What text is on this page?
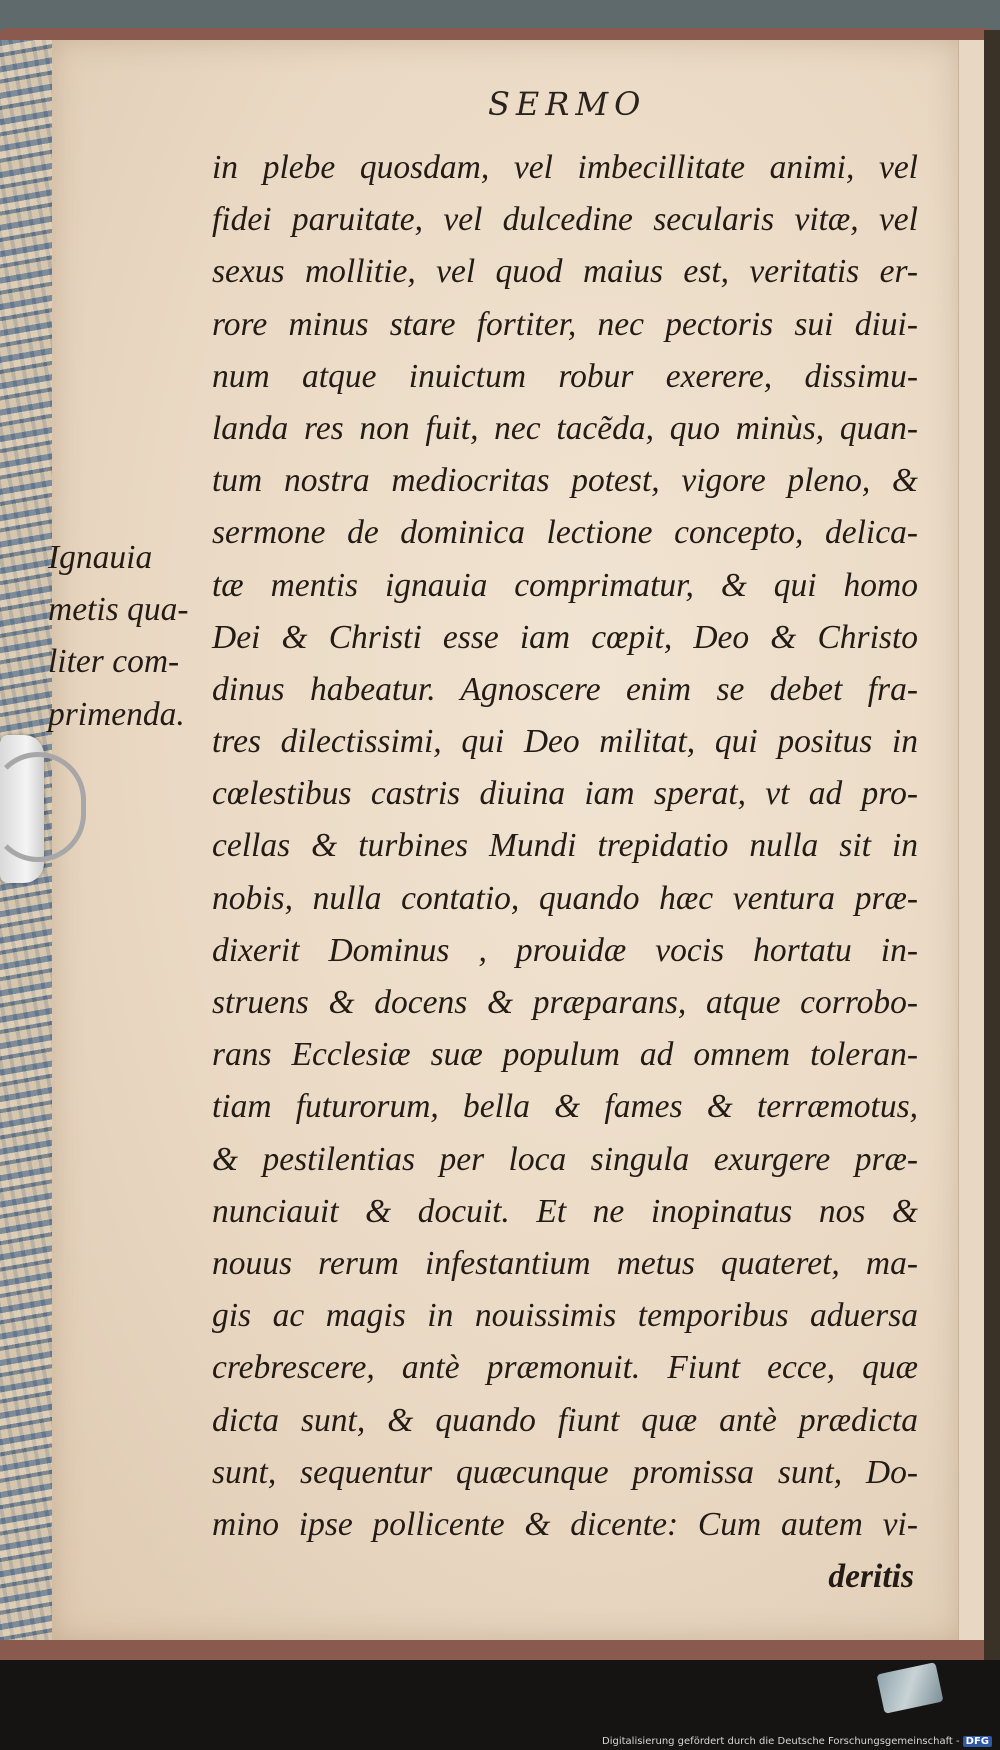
SERMO
Ignauia
metis qua-
liter com-
primenda.
in plebe quosdam, vel imbecillitate animi, vel
fidei paruitate, vel dulcedine secularis vitæ, vel
sexus mollitie, vel quod maius est, veritatis er-
rore minus stare fortiter, nec pectoris sui diui-
num atque inuictum robur exerere, dissimu-
landa res non fuit, nec tacẽda, quo minùs, quan-
tum nostra mediocritas potest, vigore pleno, &
sermone de dominica lectione concepto, delica-
tæ mentis ignauia comprimatur, & qui homo
Dei & Christi esse iam cœpit, Deo & Christo
dinus habeatur. Agnoscere enim se debet fra-
tres dilectissimi, qui Deo militat, qui positus in
cœlestibus castris diuina iam sperat, vt ad pro-
cellas & turbines Mundi trepidatio nulla sit in
nobis, nulla contatio, quando hæc ventura præ-
dixerit Dominus , prouidæ vocis hortatu in-
struens & docens & præparans, atque corrobo-
rans Ecclesiæ suæ populum ad omnem toleran-
tiam futurorum, bella & fames & terræmotus,
& pestilentias per loca singula exurgere præ-
nunciauit & docuit. Et ne inopinatus nos &
nouus rerum infestantium metus quateret, ma-
gis ac magis in nouissimis temporibus aduersa
crebrescere, antè præmonuit. Fiunt ecce, quæ
dicta sunt, & quando fiunt quæ antè prædicta
sunt, sequentur quæcunque promissa sunt, Do-
mino ipse pollicente & dicente: Cum autem vi-
deritis
Digitalisierung gefördert durch die Deutsche Forschungsgemeinschaft - DFG
